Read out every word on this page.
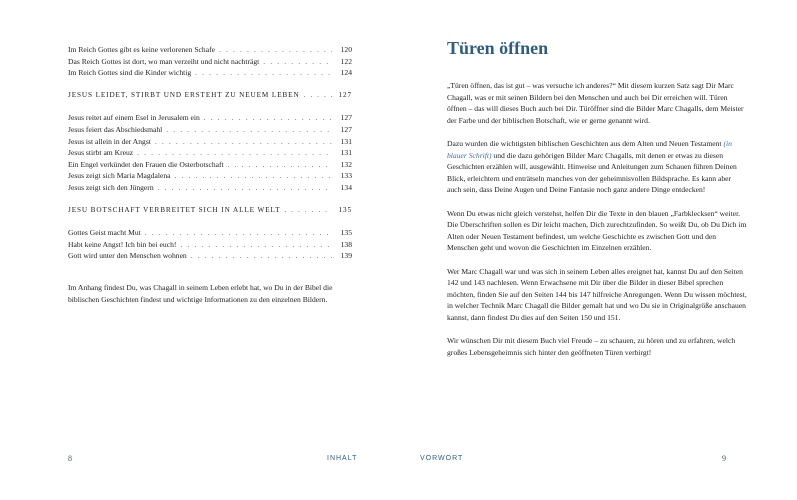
Im Reich Gottes gibt es keine verlorenen Schafe . . .	120
Das Reich Gottes ist dort, wo man verzeiht und nicht nachträgt . . .	122
Im Reich Gottes sind die Kinder wichtig . . .	124
JESUS LEIDET, STIRBT UND ERSTEHT ZU NEUEM LEBEN . . .	127
Jesus reitet auf einem Esel in Jerusalem ein . . .	127
Jesus feiert das Abschiedsmahl . . .	127
Jesus ist allein in der Angst . . .	131
Jesus stirbt am Kreuz . . .	131
Ein Engel verkündet den Frauen die Osterbotschaft . . .	132
Jesus zeigt sich Maria Magdalena . . .	133
Jesus zeigt sich den Jüngern . . .	134
JESU BOTSCHAFT VERBREITET SICH IN ALLE WELT . . .	135
Gottes Geist macht Mut . . .	135
Habt keine Angst! Ich bin bei euch! . . .	138
Gott wird unter den Menschen wohnen . . .	139

Im Anhang findest Du, was Chagall in seinem Leben erlebt hat, wo Du in der Bibel die biblischen Geschichten findest und wichtige Informationen zu den einzelnen Bildern.

8	INHALT
Türen öffnen

„Türen öffnen, das ist gut – was versuche ich anderes?“ Mit diesem kurzen Satz sagt Dir Marc Chagall, was er mit seinen Bildern bei den Menschen und auch bei Dir erreichen will. Türen öffnen – das will dieses Buch auch bei Dir. Türöffner sind die Bilder Marc Chagalls, dem Meister der Farbe und der biblischen Botschaft, wie er gerne genannt wird.

Dazu wurden die wichtigsten biblischen Geschichten aus dem Alten und Neuen Testament (in blauer Schrift) und die dazu gehörigen Bilder Marc Chagalls, mit denen er etwas zu diesen Geschichten erzählen will, ausgewählt. Hinweise und Anleitungen zum Schauen führen Deinen Blick, erleichtern und enträtseln manches von der geheimnisvollen Bildsprache. Es kann aber auch sein, dass Deine Augen und Deine Fantasie noch ganz andere Dinge entdecken!

Wenn Du etwas nicht gleich verstehst, helfen Dir die Texte in den blauen „Farbklecksen“ weiter. Die Überschriften sollen es Dir leicht machen, Dich zurechtzufinden. So weißt Du, ob Du Dich im Alten oder Neuen Testament befindest, um welche Geschichte es zwischen Gott und den Menschen geht und wovon die Geschichten im Einzelnen erzählen.

Wer Marc Chagall war und was sich in seinem Leben alles ereignet hat, kannst Du auf den Seiten 142 und 143 nachlesen. Wenn Erwachsene mit Dir über die Bilder in dieser Bibel sprechen möchten, finden Sie auf den Seiten 144 bis 147 hilfreiche Anregungen. Wenn Du wissen möchtest, in welcher Technik Marc Chagall die Bilder gemalt hat und wo Du sie in Originalgröße anschauen kannst, dann findest Du dies auf den Seiten 150 und 151.

Wir wünschen Dir mit diesem Buch viel Freude – zu schauen, zu hören und zu erfahren, welch großes Lebensgeheimnis sich hinter den geöffneten Türen verbirgt!

VORWORT	9
